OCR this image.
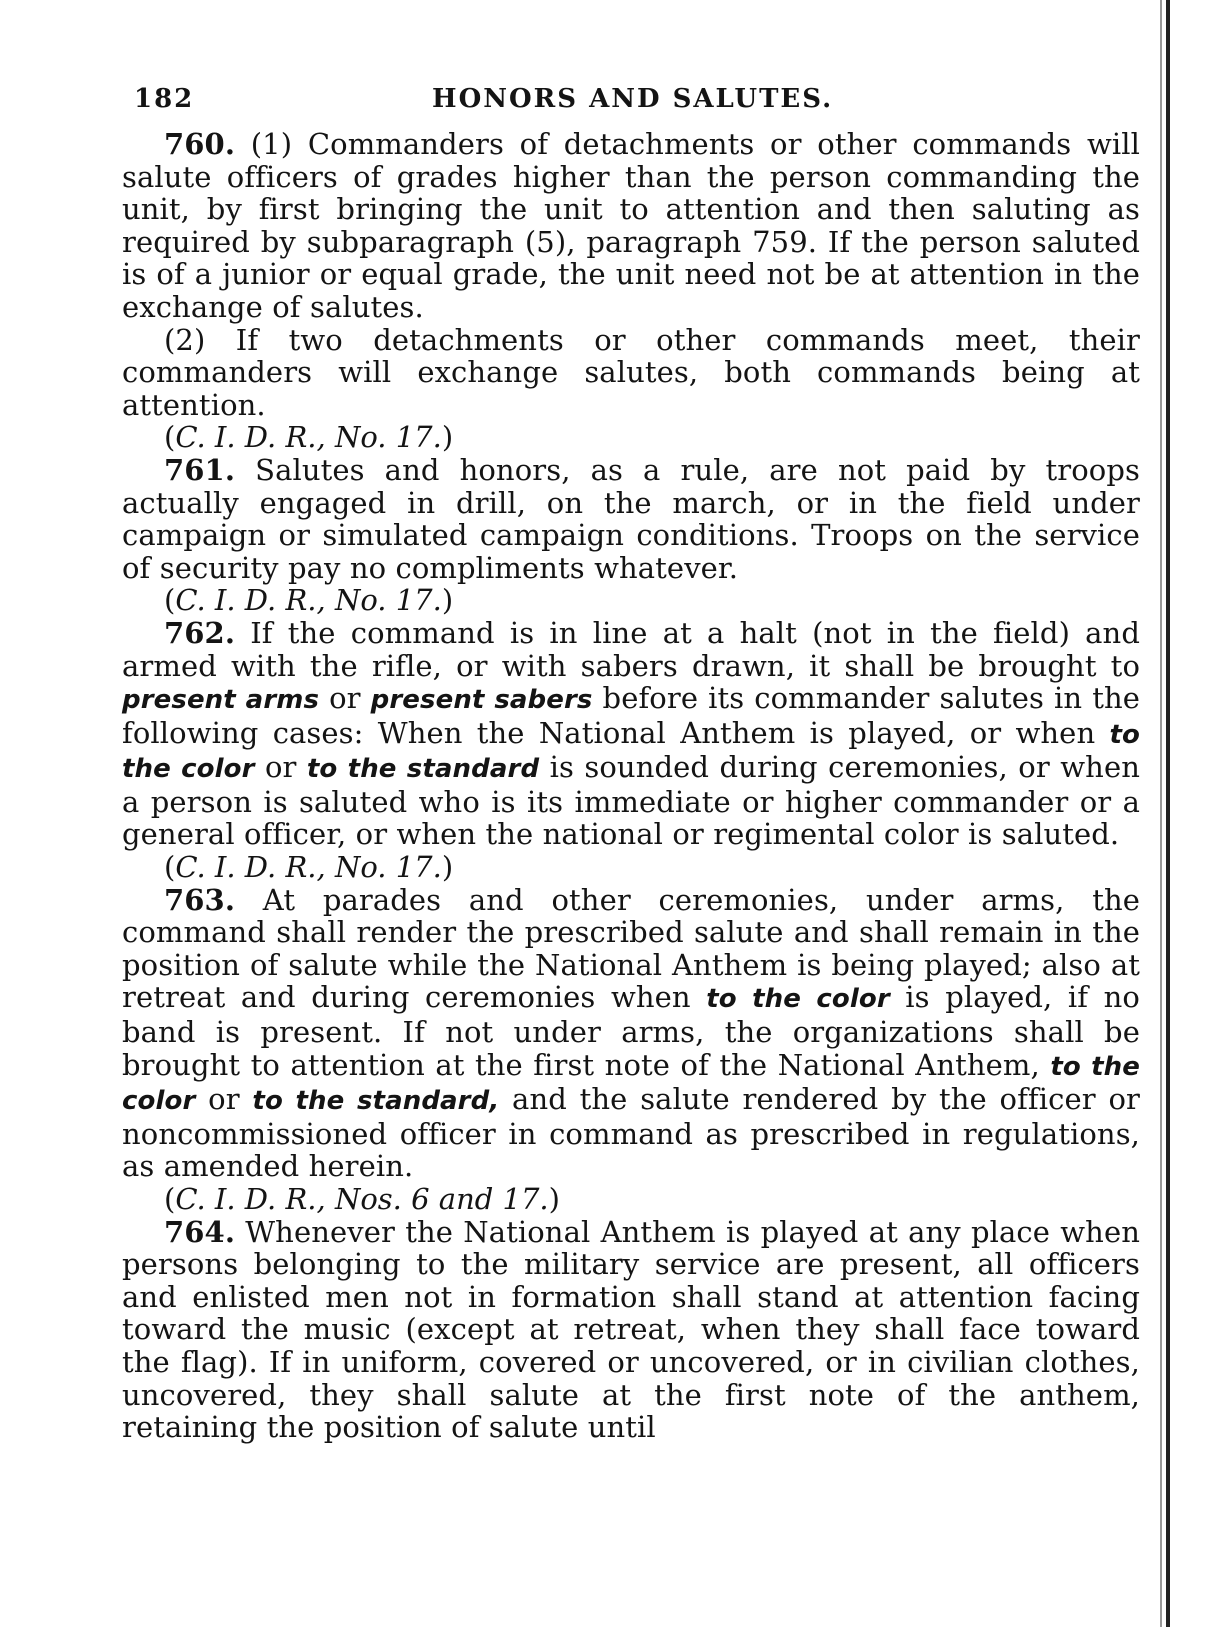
182	HONORS AND SALUTES.

760. (1) Commanders of detachments or other commands will salute officers of grades higher than the person commanding the unit, by first bringing the unit to attention and then saluting as required by subparagraph (5), paragraph 759. If the person saluted is of a junior or equal grade, the unit need not be at attention in the exchange of salutes.

(2) If two detachments or other commands meet, their commanders will exchange salutes, both commands being at attention.

(C. I. D. R., No. 17.)

761. Salutes and honors, as a rule, are not paid by troops actually engaged in drill, on the march, or in the field under campaign or simulated campaign conditions. Troops on the service of security pay no compliments whatever.

(C. I. D. R., No. 17.)

762. If the command is in line at a halt (not in the field) and armed with the rifle, or with sabers drawn, it shall be brought to present arms or present sabers before its commander salutes in the following cases: When the National Anthem is played, or when to the color or to the standard is sounded during ceremonies, or when a person is saluted who is its immediate or higher commander or a general officer, or when the national or regimental color is saluted.

(C. I. D. R., No. 17.)

763. At parades and other ceremonies, under arms, the command shall render the prescribed salute and shall remain in the position of salute while the National Anthem is being played; also at retreat and during ceremonies when to the color is played, if no band is present. If not under arms, the organizations shall be brought to attention at the first note of the National Anthem, to the color or to the standard, and the salute rendered by the officer or noncommissioned officer in command as prescribed in regulations, as amended herein.

(C. I. D. R., Nos. 6 and 17.)

764. Whenever the National Anthem is played at any place when persons belonging to the military service are present, all officers and enlisted men not in formation shall stand at attention facing toward the music (except at retreat, when they shall face toward the flag). If in uniform, covered or uncovered, or in civilian clothes, uncovered, they shall salute at the first note of the anthem, retaining the position of salute until
